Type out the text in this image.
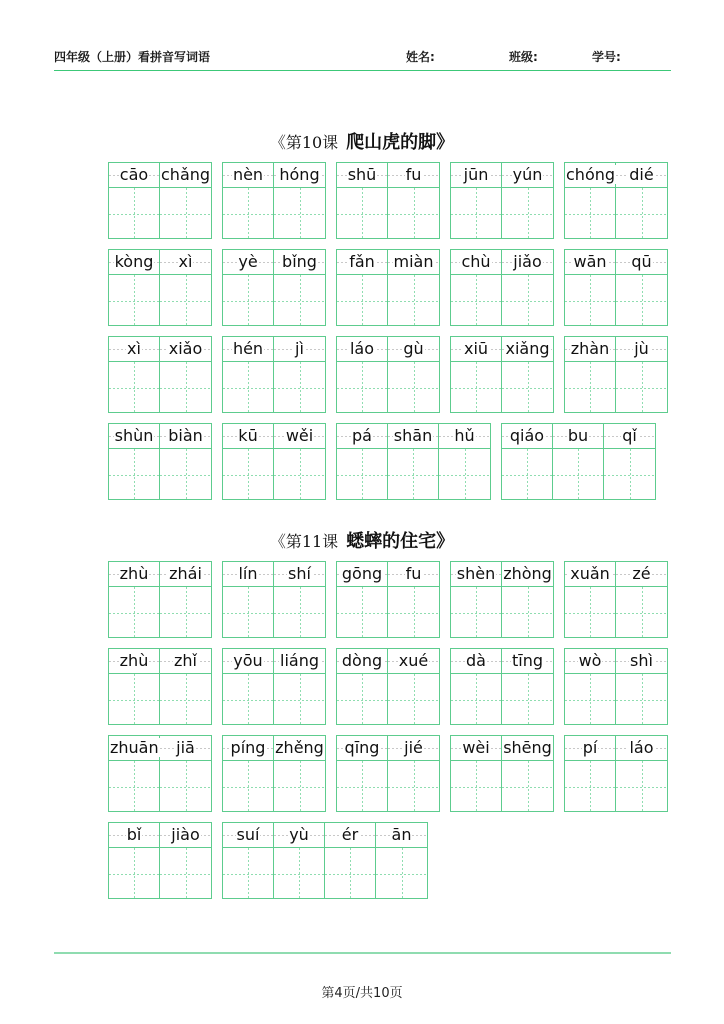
四年级（上册）看拼音写词语	姓名:	班级:	学号:
《第10课 爬山虎的脚》
cāo chǎng	nèn	hóng	shū	fu	jūn	yún	chóng dié
kòng	xì	yè	bǐng	fǎn	miàn	chù	jiǎo	wān	qū
xì	xiǎo	hén	jì	láo	gù	xiū	xiǎng	zhàn	jù
shùn biàn	kū	wěi	pá	shān	hǔ	qiáo	bu	qǐ
《第11课 蟋蟀的住宅》
zhù	zhái	lín	shí	gōng	fu	shèn zhòng	xuǎn	zé
zhù	zhǐ	yōu	liáng	dòng	xué	dà	tīng	wò	shì
zhuān	jiā	píng zhěng	qīng	jié	wèi shēng	pí	láo
bǐ	jiào	suí	yù	ér	ān
第4页/共10页
